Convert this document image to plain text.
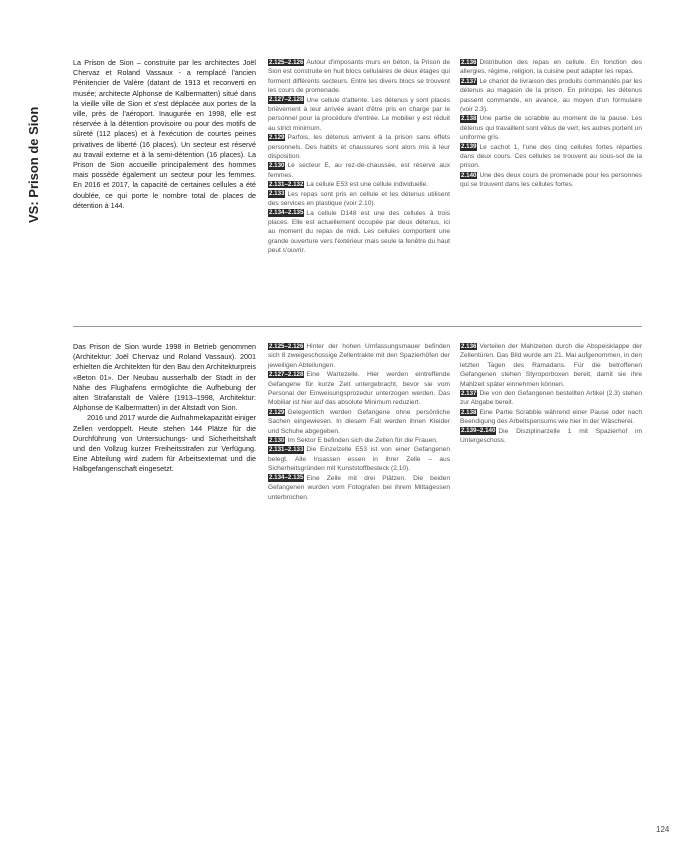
VS: Prison de Sion

La Prison de Sion – construite par les architectes Joël Chervaz et Roland Vassaux - a remplacé l'ancien Pénitencier de Valère (datant de 1913 et reconverti en musée; architecte Alphonse de Kalbermatten) situé dans la vieille ville de Sion et s'est déplacée aux portes de la ville, près de l'aéroport. Inaugurée en 1998, elle est réservée à la détention provisoire ou pour des motifs de sûreté (112 places) et à l'exécution de courtes peines privatives de liberté (16 places). Un secteur est réservé au travail externe et à la semi-détention (16 places). La Prison de Sion accueille principalement des hommes mais possède également un secteur pour les femmes. En 2016 et 2017, la capacité de certaines cellules a été doublée, ce qui porte le nombre total de places de détention à 144.

2.125–2.126 Autour d'imposants murs en béton, la Prison de Sion est construite en huit blocs cellulaires de deux étages qui forment différents secteurs. Entre les divers blocs se trouvent les cours de promenade.

2.127–2.128 Une cellule d'attente. Les détenus y sont placés brièvement à leur arrivée avant d'être pris en charge par le personnel pour la procédure d'entrée. Le mobilier y est réduit au strict minimum.

2.129 Parfois, les détenus arrivent à la prison sans effets personnels. Des habits et chaussures sont alors mis à leur disposition.

2.130 Le secteur E, au rez-de-chaussée, est réservé aux femmes.

2.131–2.132 La cellule E53 est une cellule individuelle.

2.133 Les repas sont pris en cellule et les détenus utilisent des services en plastique (voir 2.10).

2.134–2.135 La cellule D148 est une des cellules à trois places. Elle est actuellement occupée par deux détenus, ici au moment du repas de midi. Les cellules comportent une grande ouverture vers l'extérieur mais seule la fenêtre du haut peut s'ouvrir.

2.136 Distribution des repas en cellule. En fonction des allergies, régime, religion, la cuisine peut adapter les repas.

2.137 Le chariot de livraison des produits commandés par les détenus au magasin de la prison. En principe, les détenus passent commande, en avance, au moyen d'un formulaire (voir 2.3).

2.138 Une partie de scrabble au moment de la pause. Les détenus qui travaillent sont vêtus de vert, les autres portent un uniforme gris.

2.139 Le cachot 1, l'une des cinq cellules fortes réparties dans deux cours. Ces cellules se trouvent au sous-sol de la prison.

2.140 Une des deux cours de promenade pour les personnes qui se trouvent dans les cellules fortes.

Das Prison de Sion wurde 1998 in Betrieb genommen (Architektur: Joël Chervaz und Roland Vassaux). 2001 erhielten die Architekten für den Bau den Architekturpreis «Beton 01». Der Neubau ausserhalb der Stadt in der Nähe des Flughafens ermöglichte die Aufhebung der alten Strafanstalt de Valère (1913–1998, Architektur: Alphonse de Kalbermatten) in der Altstadt von Sion.

2016 und 2017 wurde die Aufnahmekapazität einiger Zellen verdoppelt. Heute stehen 144 Plätze für die Durchführung von Untersuchungs- und Sicherheitshaft und den Vollzug kurzer Freiheitsstrafen zur Verfügung. Eine Abteilung wird zudem für Arbeitsexternat und die Halbgefangenschaft eingesetzt.

2.125–2.126 Hinter der hohen Umfassungsmauer befinden sich 8 zweigeschossige Zellentrakte mit den Spazierhöfen der jeweiligen Abteilungen.

2.127–2.128 Eine Wartezelle. Hier werden eintreffende Gefangene für kurze Zeit untergebracht, bevor sie vom Personal der Einweisungsprozedur unterzogen werden. Das Mobiliar ist hier auf das absolute Minimum reduziert.

2.129 Gelegentlich werden Gefangene ohne persönliche Sachen eingewiesen. In diesem Fall werden ihnen Kleider und Schuhe abgegeben.

2.130 Im Sektor E befinden sich die Zellen für die Frauen.

2.131–2.133 Die Einzelzelle E53 ist von einer Gefangenen belegt. Alle Insassen essen in ihrer Zelle – aus Sicherheitsgründen mit Kunststoffbesteck (2.10).

2.134–2.135 Eine Zelle mit drei Plätzen. Die beiden Gefangenen wurden vom Fotografen bei ihrem Mittagessen unterbrochen.

2.136 Verteilen der Mahlzeiten durch die Abspeisklappe der Zellentüren. Das Bild wurde am 21. Mai aufgenommen, in den letzten Tagen des Ramadans. Für die betroffenen Gefangenen stehen Styroporboxen bereit, damit sie ihre Mahlzeit später einnehmen können.

2.137 Die von den Gefangenen bestellten Artikel (2.3) stehen zur Abgabe bereit.

2.138 Eine Partie Scrabble während einer Pause oder nach Beendigung des Arbeitspensums wie hier in der Wäscherei.

2.139–2.140 Die Disziplinarzelle 1 mit Spazierhof im Untergeschoss.

124
